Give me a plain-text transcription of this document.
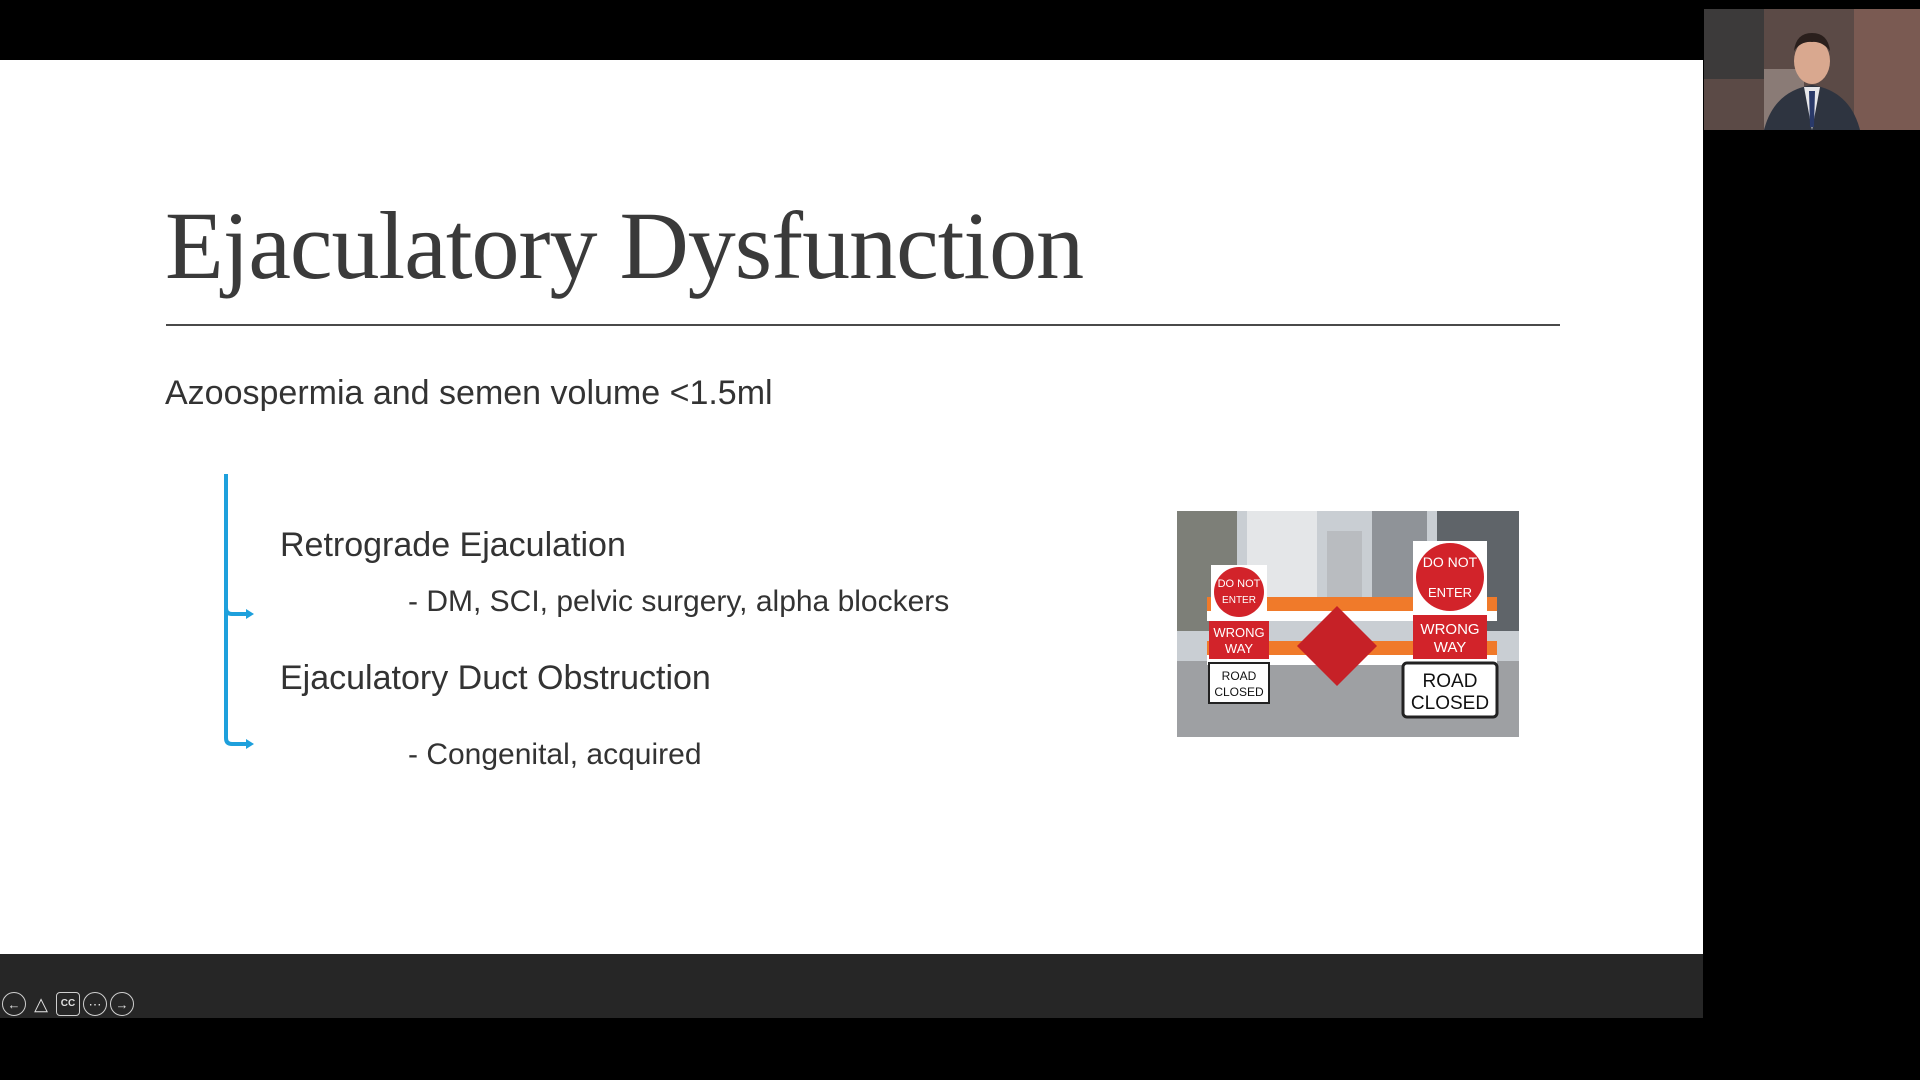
Ejaculatory Dysfunction
Azoospermia and semen volume <1.5ml
Retrograde Ejaculation
- DM, SCI, pelvic surgery, alpha blockers
Ejaculatory Duct Obstruction
- Congenital, acquired
DO NOT
ENTER
WRONG
WAY
ROAD
CLOSED
DO NOT
ENTER
WRONG
WAY
ROAD
CLOSED
← △	CC	⋯	→
